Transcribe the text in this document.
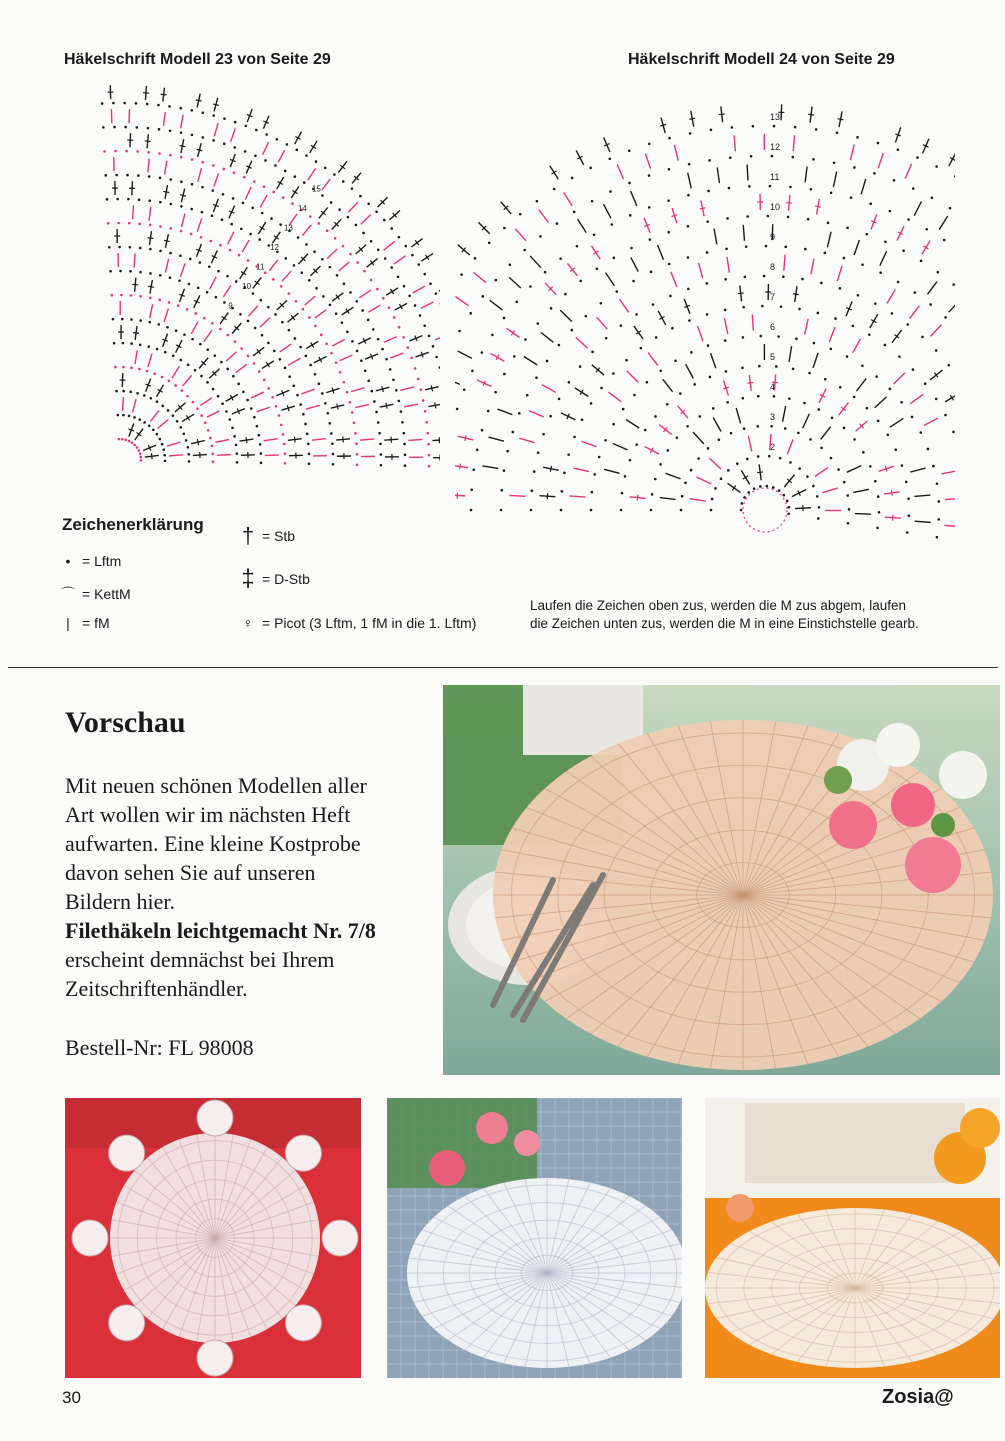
Häkelschrift Modell 23 von Seite 29	Häkelschrift Modell 24 von Seite 29
15
14
13
12
11
10
9
13
12
11
10
9
8
7
6
5
4
3
2
Zeichenerklärung
• = Lftm
⌒ = KettM
| = fM
† = Stb
‡ = D-Stb
♀ = Picot (3 Lftm, 1 fM in die 1. Lftm)
Laufen die Zeichen oben zus, werden die M zus abgem, laufen
die Zeichen unten zus, werden die M in eine Einstichstelle gearb.
Vorschau
Mit neuen schönen Modellen aller
Art wollen wir im nächsten Heft
aufwarten. Eine kleine Kostprobe
davon sehen Sie auf unseren
Bildern hier.
Filethäkeln leichtgemacht Nr. 7/8
erscheint demnächst bei Ihrem
Zeitschriftenhändler.
Bestell-Nr: FL 98008
30	Zosia@
